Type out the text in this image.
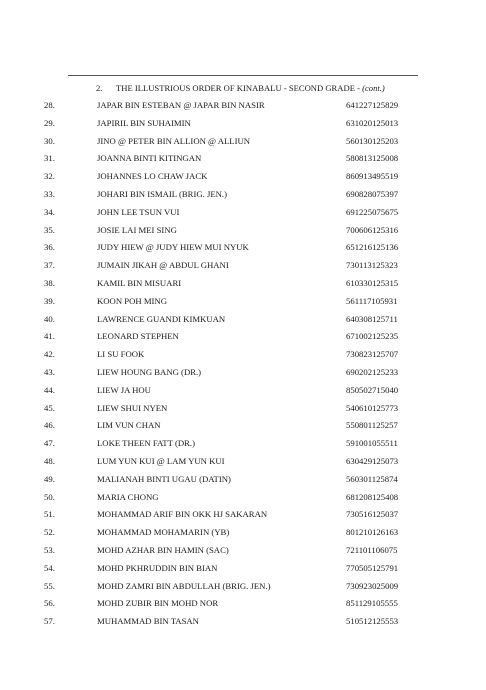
2. THE ILLUSTRIOUS ORDER OF KINABALU - SECOND GRADE - (cont.)
28.	JAPAR BIN ESTEBAN @ JAPAR BIN NASIR	641227125829
29.	JAPIRIL BIN SUHAIMIN	631020125013
30.	JINO @ PETER BIN ALLION @ ALLIUN	560130125203
31.	JOANNA BINTI KITINGAN	580813125008
32.	JOHANNES LO CHAW JACK	860913495519
33.	JOHARI BIN ISMAIL (BRIG. JEN.)	690828075397
34.	JOHN LEE TSUN VUI	691225075675
35.	JOSIE LAI MEI SING	700606125316
36.	JUDY HIEW @ JUDY HIEW MUI NYUK	651216125136
37.	JUMAIN JIKAH @ ABDUL GHANI	730113125323
38.	KAMIL BIN MISUARI	610330125315
39.	KOON POH MING	561117105931
40.	LAWRENCE GUANDI KIMKUAN	640308125711
41.	LEONARD STEPHEN	671002125235
42.	LI SU FOOK	730823125707
43.	LIEW HOUNG BANG (DR.)	690202125233
44.	LIEW JA HOU	850502715040
45.	LIEW SHUI NYEN	540610125773
46.	LIM VUN CHAN	550801125257
47.	LOKE THEEN FATT (DR.)	591001055511
48.	LUM YUN KUI @ LAM YUN KUI	630429125073
49.	MALIANAH BINTI UGAU (DATIN)	560301125874
50.	MARIA CHONG	681208125408
51.	MOHAMMAD ARIF BIN OKK HJ SAKARAN	730516125037
52.	MOHAMMAD MOHAMARIN (YB)	801210126163
53.	MOHD AZHAR BIN HAMIN (SAC)	721101106075
54.	MOHD PKHRUDDIN BIN BIAN	770505125791
55.	MOHD ZAMRI BIN ABDULLAH (BRIG. JEN.)	730923025009
56.	MOHD ZUBIR BIN MOHD NOR	851129105555
57.	MUHAMMAD BIN TASAN	510512125553
